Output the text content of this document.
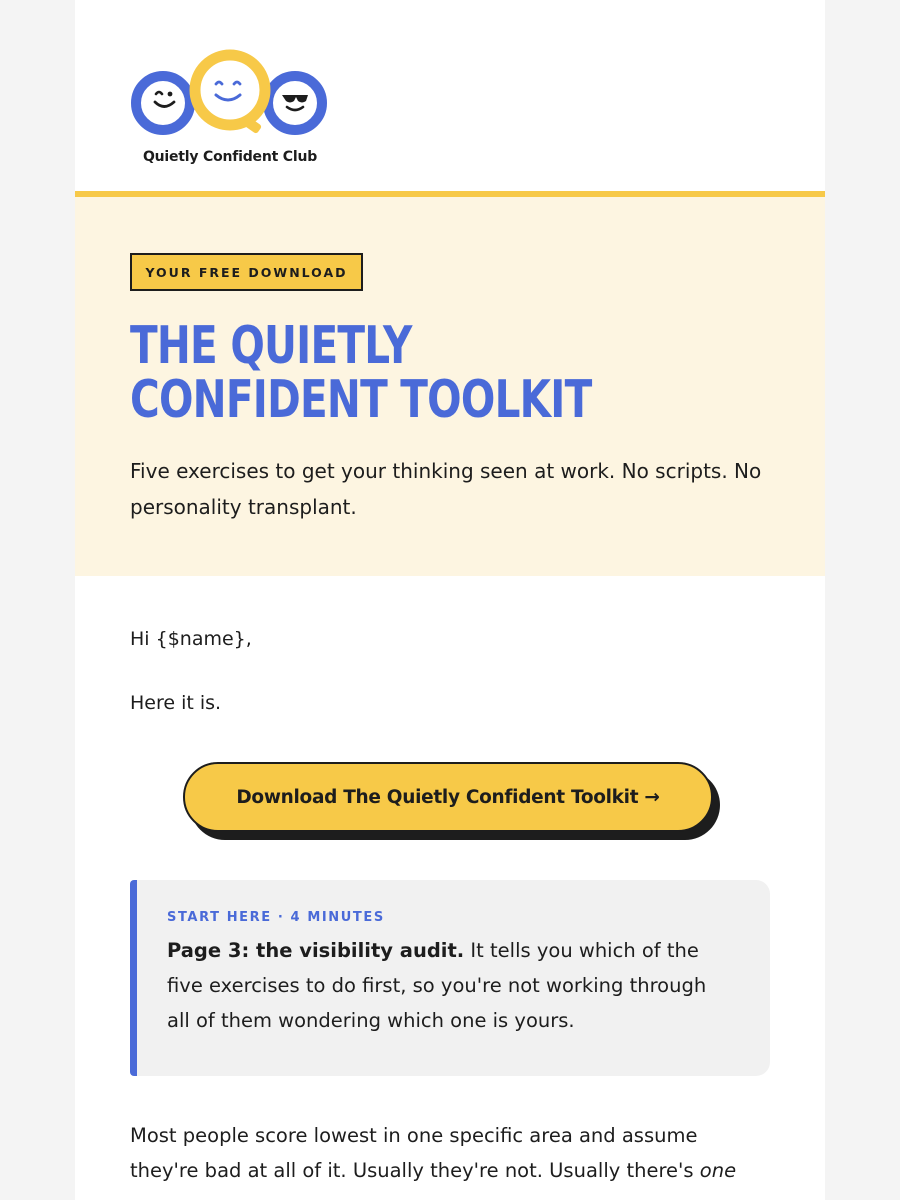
Quietly Confident Club
YOUR FREE DOWNLOAD
THE QUIETLY
CONFIDENT TOOLKIT

Five exercises to get your thinking seen at work. No scripts. No personality transplant.

Hi {$name},
Here it is.
Download The Quietly Confident Toolkit →

START HERE · 4 MINUTES

Page 3: the visibility audit. It tells you which of the five exercises to do first, so you're not working through all of them wondering which one is yours.

Most people score lowest in one specific area and assume they're bad at all of it. Usually they're not. Usually there's one
